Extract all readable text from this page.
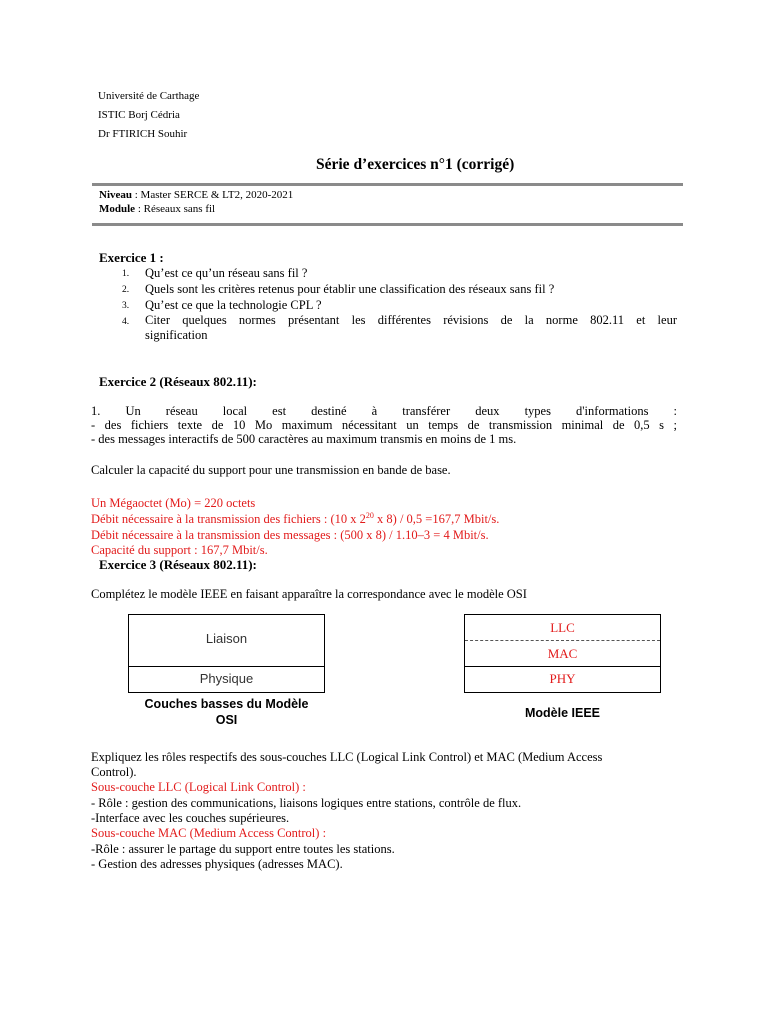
Université de Carthage
ISTIC Borj Cédria
Dr FTIRICH Souhir
Série d’exercices n°1 (corrigé)
Niveau : Master SERCE & LT2, 2020-2021
Module : Réseaux sans fil
Exercice 1 :
1. Qu’est ce qu’un réseau sans fil ?
2. Quels sont les critères retenus pour établir une classification des réseaux sans fil ?
3. Qu’est ce que la technologie CPL ?
4. Citer quelques normes présentant les différentes révisions de la norme 802.11 et leur
signification
Exercice 2 (Réseaux 802.11):
1. Un réseau local est destiné à transférer deux types d'informations :
- des fichiers texte de 10 Mo maximum nécessitant un temps de transmission minimal de 0,5 s ;
- des messages interactifs de 500 caractères au maximum transmis en moins de 1 ms.
Calculer la capacité du support pour une transmission en bande de base.
Un Mégaoctet (Mo) = 220 octets
Débit nécessaire à la transmission des fichiers : (10 x $2^{20}$ x 8) / 0,5 =167,7 Mbit/s.
Débit nécessaire à la transmission des messages : (500 x 8) / 1.10–3 = 4 Mbit/s.
Capacité du support : 167,7 Mbit/s.
Exercice 3 (Réseaux 802.11):
Complétez le modèle IEEE en faisant apparaître la correspondance avec le modèle OSI
Liaison
Physique
Couches basses du Modèle
OSI
LLC
MAC
PHY
Modèle IEEE
Expliquez les rôles respectifs des sous-couches LLC (Logical Link Control) et MAC (Medium Access
Control).
Sous-couche LLC (Logical Link Control) :
- Rôle : gestion des communications, liaisons logiques entre stations, contrôle de flux.
-Interface avec les couches supérieures.
Sous-couche MAC (Medium Access Control) :
-Rôle : assurer le partage du support entre toutes les stations.
- Gestion des adresses physiques (adresses MAC).
